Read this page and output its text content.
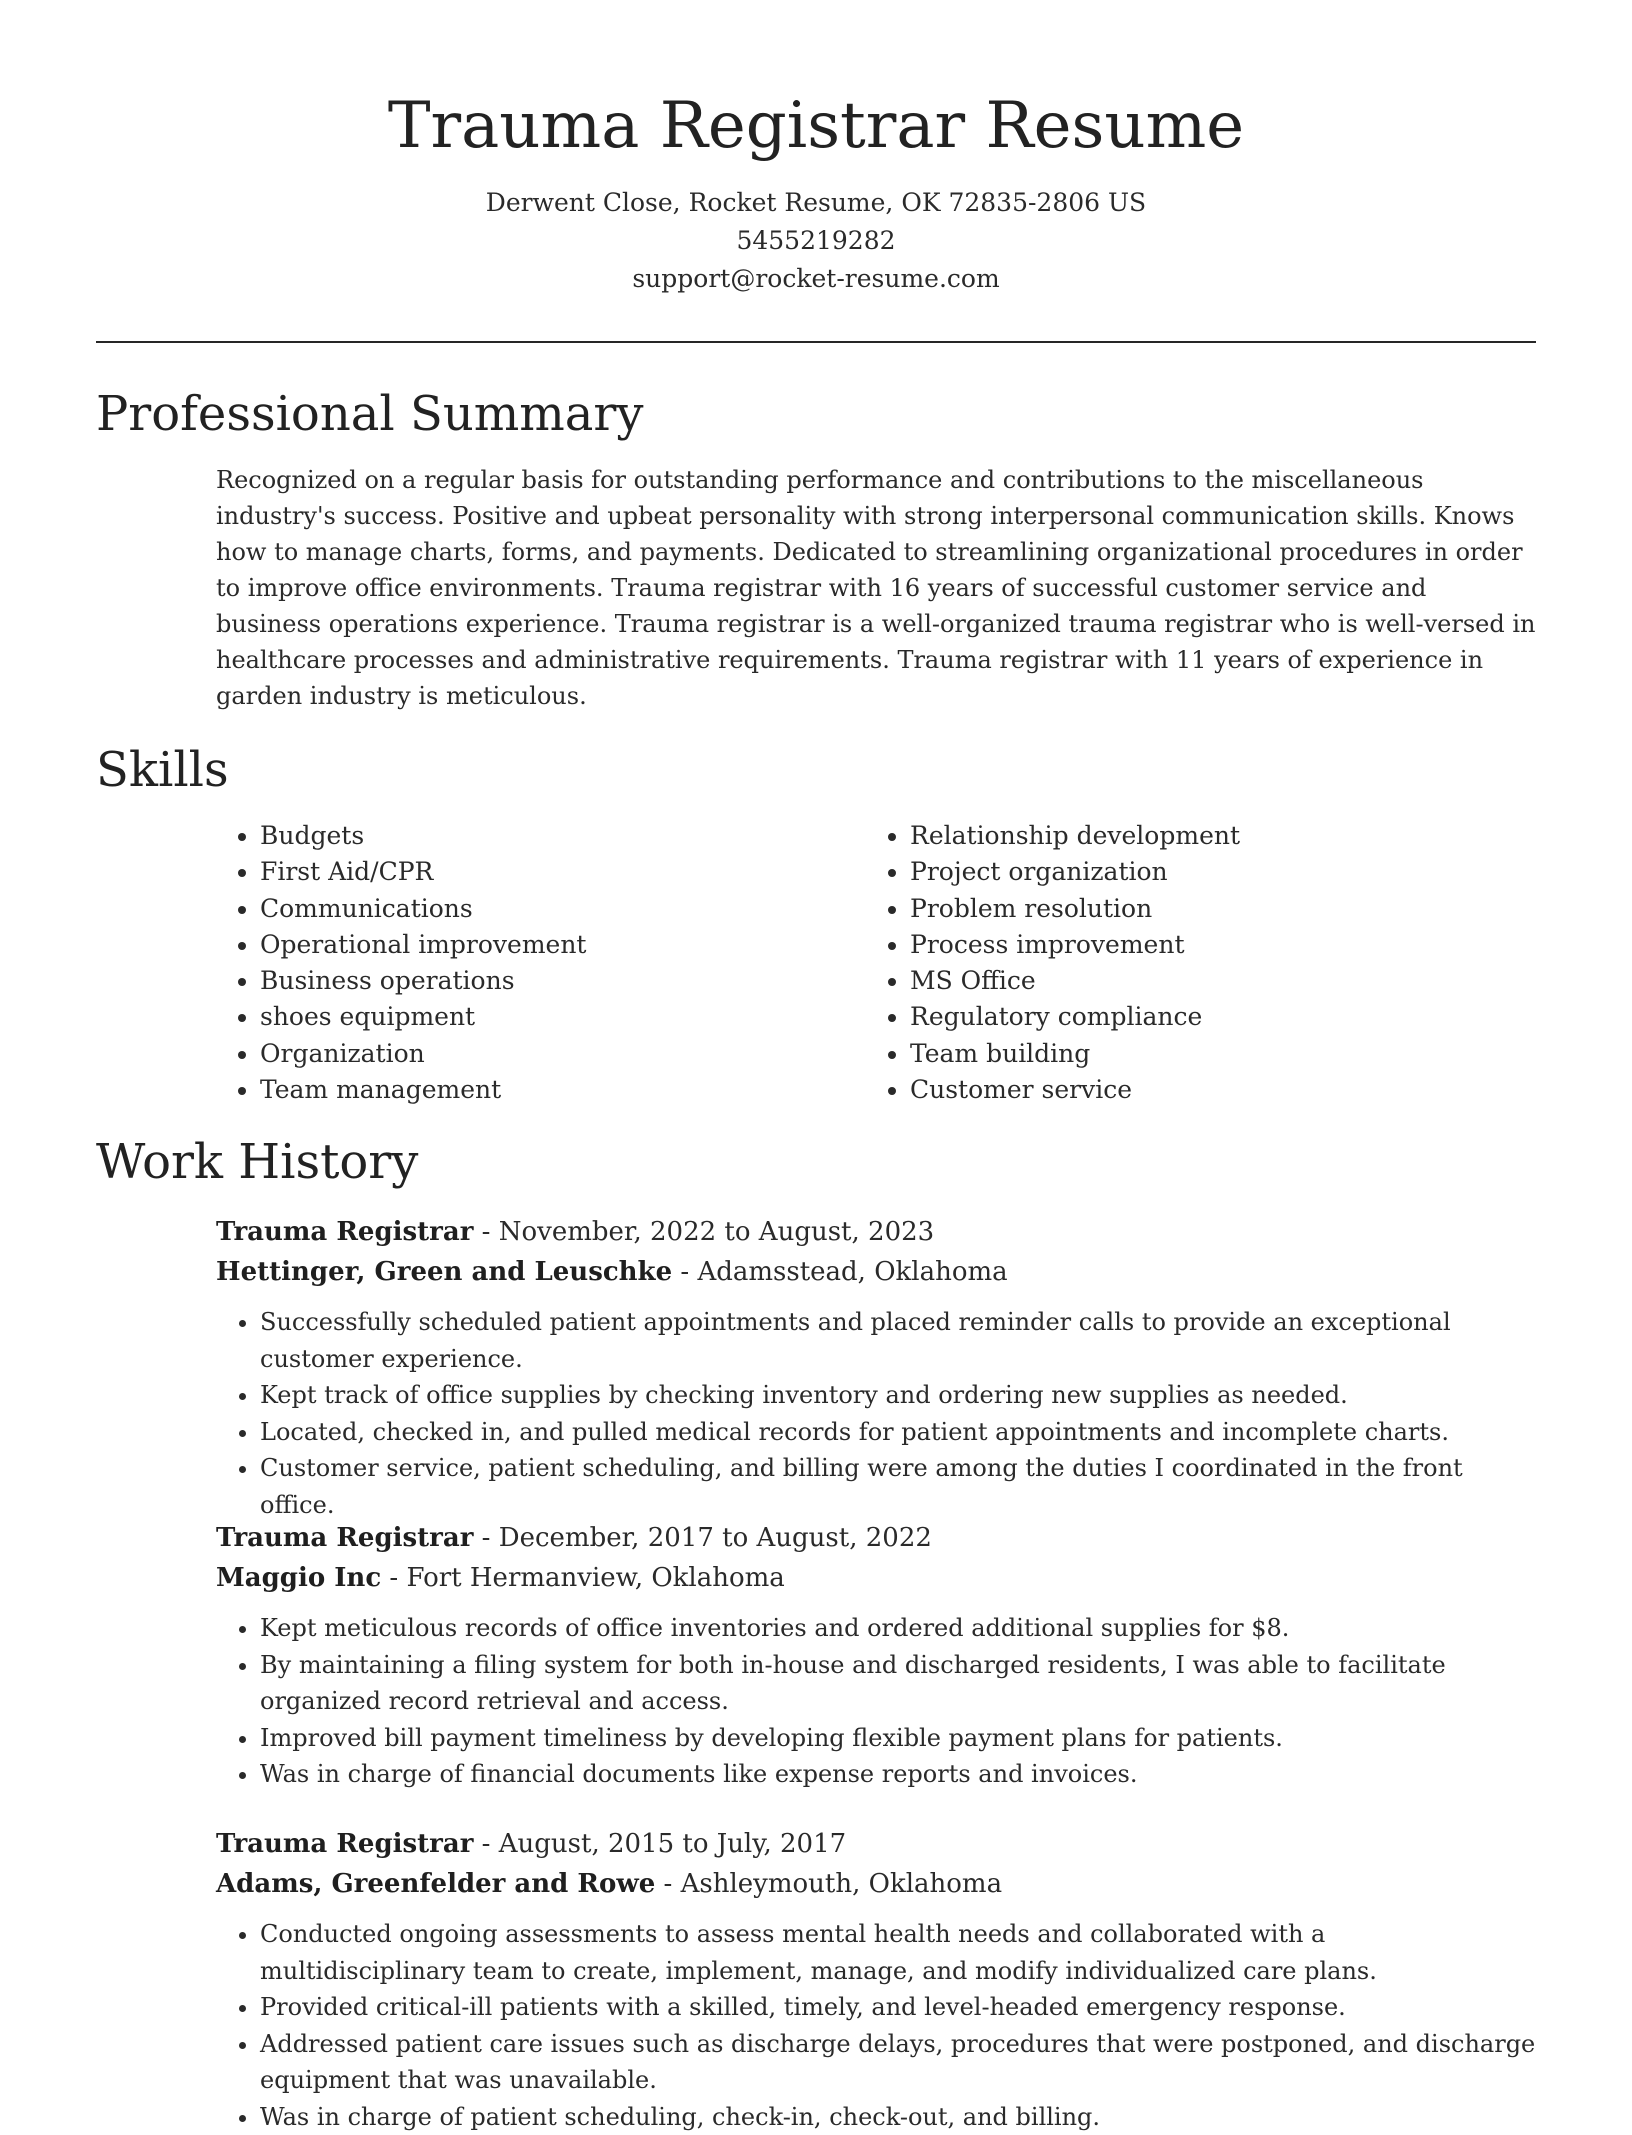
Trauma Registrar Resume
Derwent Close, Rocket Resume, OK 72835-2806 US
5455219282
support@rocket-resume.com
Professional Summary

Recognized on a regular basis for outstanding performance and contributions to the miscellaneous industry's success. Positive and upbeat personality with strong interpersonal communication skills. Knows how to manage charts, forms, and payments. Dedicated to streamlining organizational procedures in order to improve office environments. Trauma registrar with 16 years of successful customer service and business operations experience. Trauma registrar is a well-organized trauma registrar who is well-versed in healthcare processes and administrative requirements. Trauma registrar with 11 years of experience in garden industry is meticulous.

Skills
• Budgets
• First Aid/CPR
• Communications
• Operational improvement
• Business operations
• shoes equipment
• Organization
• Team management
• Relationship development
• Project organization
• Problem resolution
• Process improvement
• MS Office
• Regulatory compliance
• Team building
• Customer service
Work History
Trauma Registrar - November, 2022 to August, 2023
Hettinger, Green and Leuschke - Adamsstead, Oklahoma
• Successfully scheduled patient appointments and placed reminder calls to provide an exceptional customer experience.
• Kept track of office supplies by checking inventory and ordering new supplies as needed.
• Located, checked in, and pulled medical records for patient appointments and incomplete charts.
• Customer service, patient scheduling, and billing were among the duties I coordinated in the front office.
Trauma Registrar - December, 2017 to August, 2022
Maggio Inc - Fort Hermanview, Oklahoma
• Kept meticulous records of office inventories and ordered additional supplies for $8.
• By maintaining a filing system for both in-house and discharged residents, I was able to facilitate organized record retrieval and access.
• Improved bill payment timeliness by developing flexible payment plans for patients.
• Was in charge of financial documents like expense reports and invoices.
Trauma Registrar - August, 2015 to July, 2017
Adams, Greenfelder and Rowe - Ashleymouth, Oklahoma
• Conducted ongoing assessments to assess mental health needs and collaborated with a multidisciplinary team to create, implement, manage, and modify individualized care plans.
• Provided critical-ill patients with a skilled, timely, and level-headed emergency response.
• Addressed patient care issues such as discharge delays, procedures that were postponed, and discharge equipment that was unavailable.
• Was in charge of patient scheduling, check-in, check-out, and billing.
